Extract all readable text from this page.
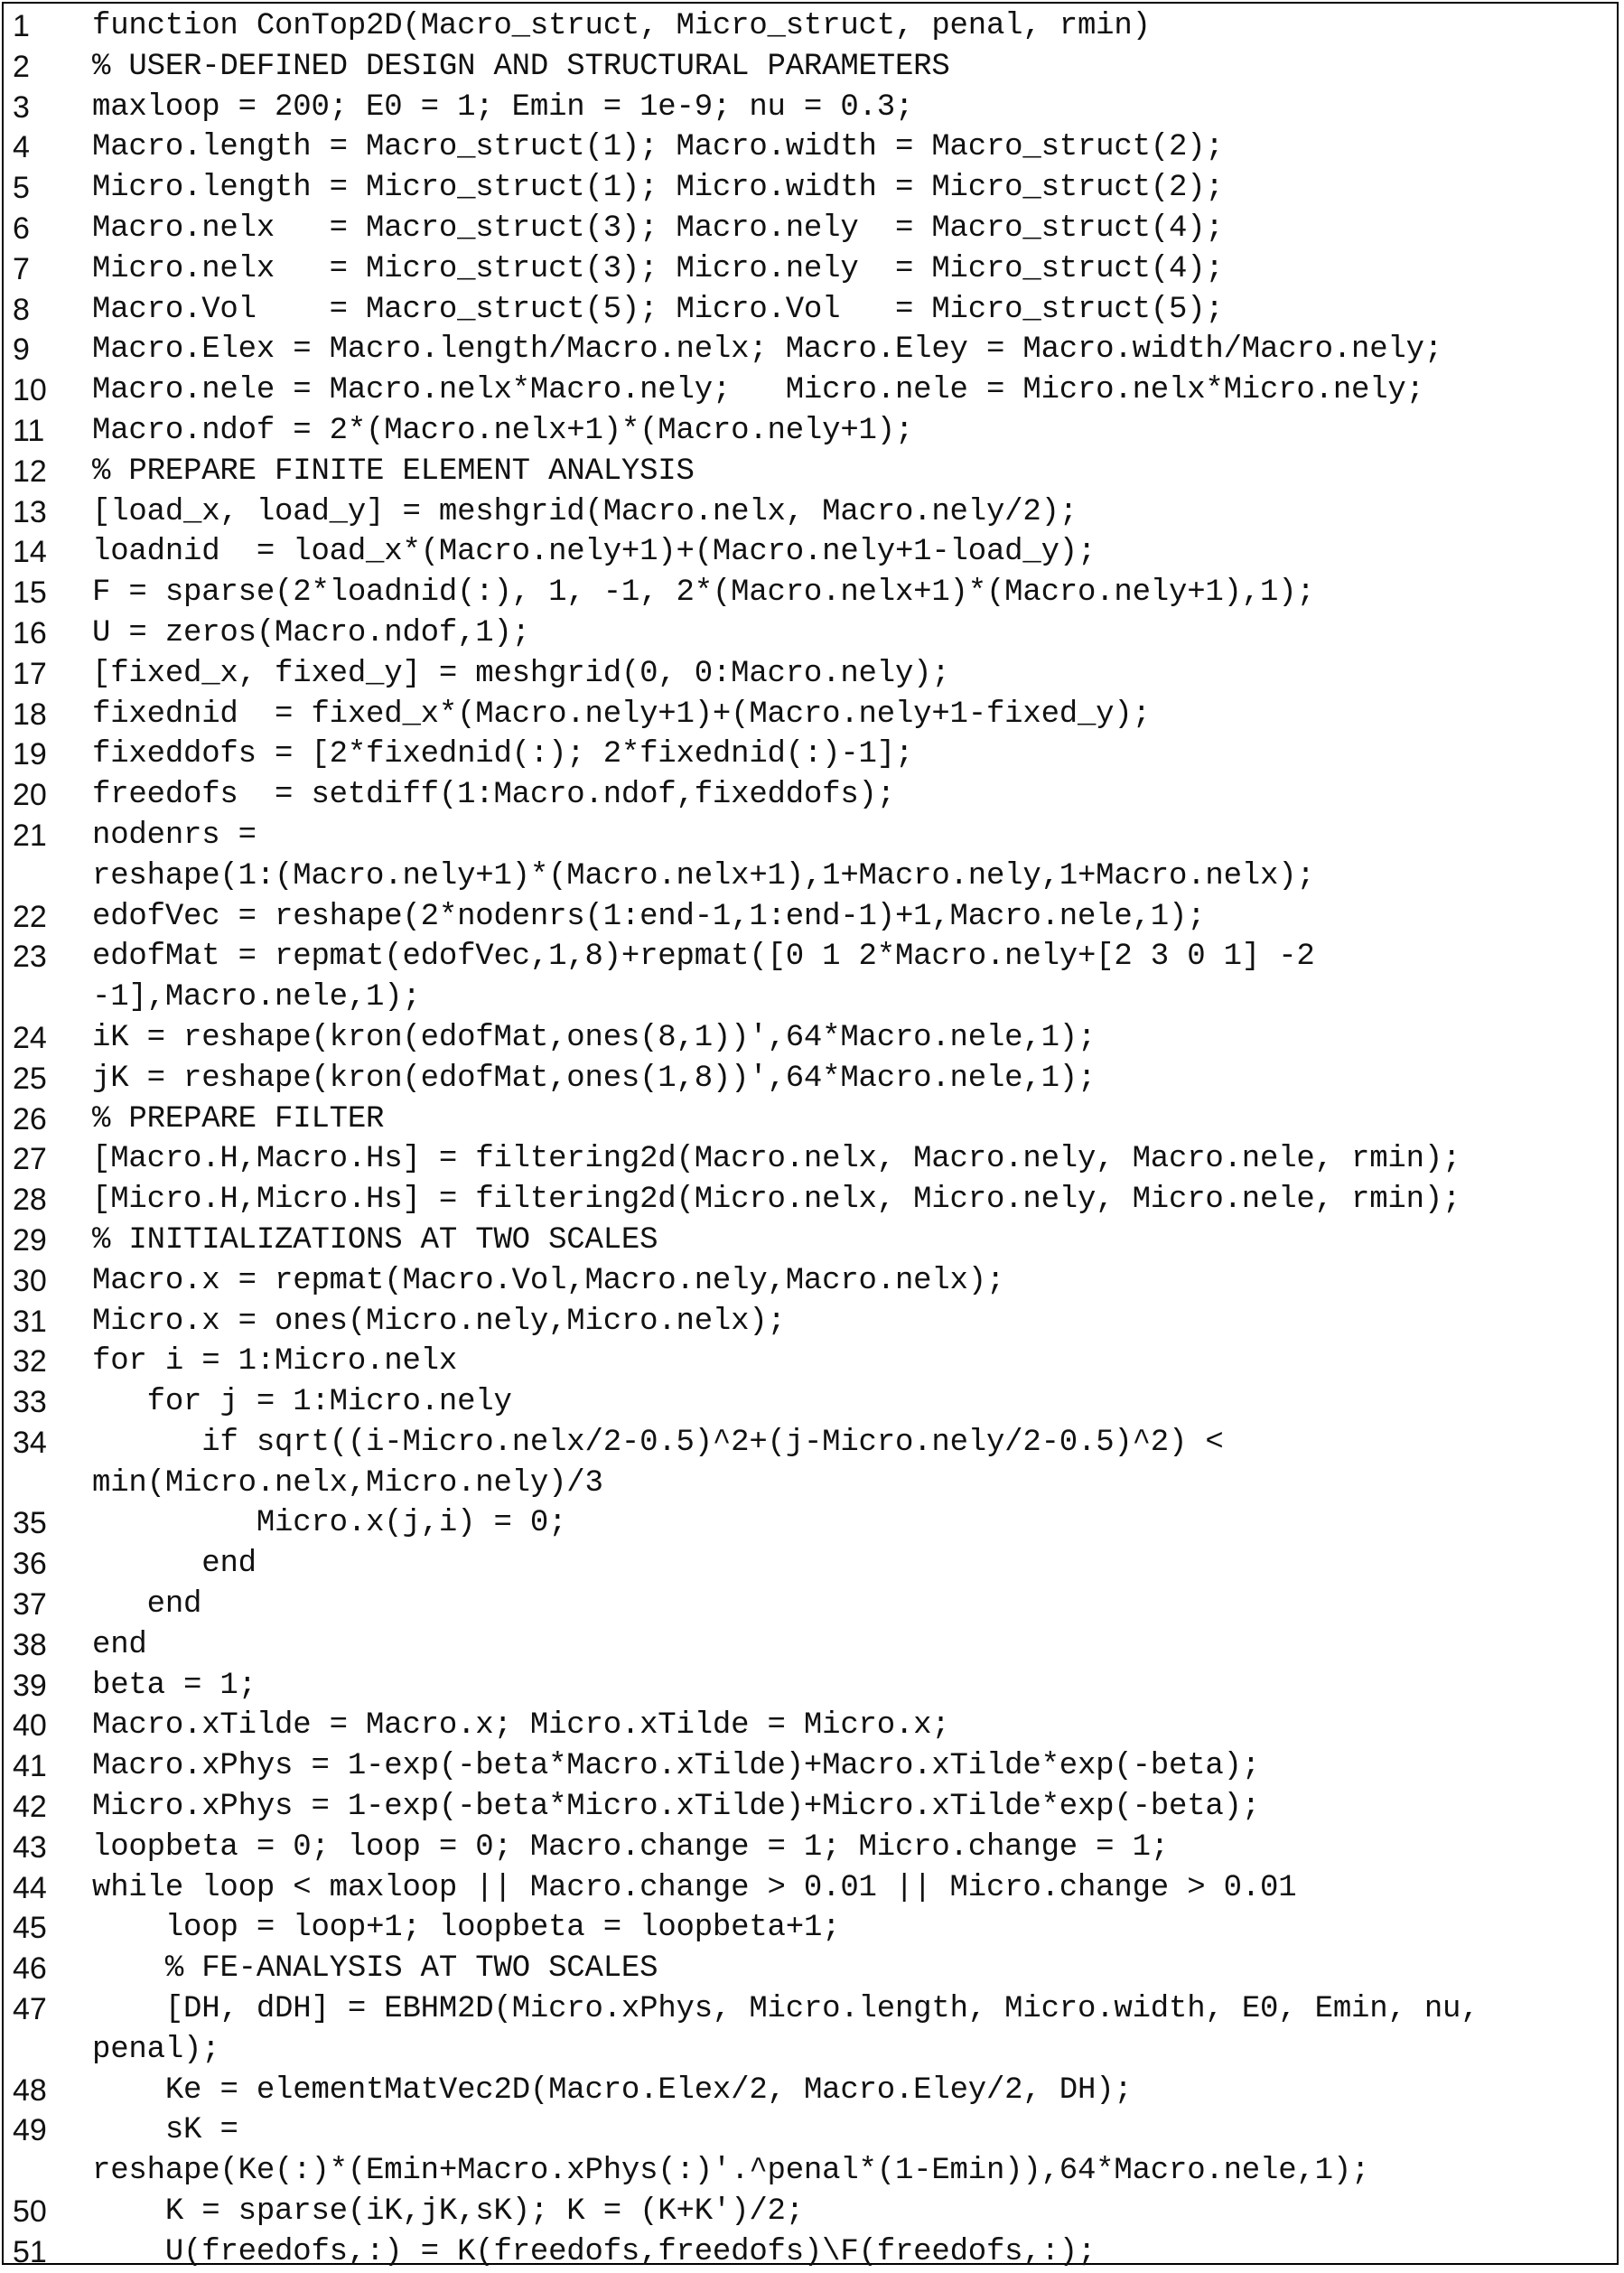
1	function ConTop2D(Macro_struct, Micro_struct, penal, rmin)
2	% USER-DEFINED DESIGN AND STRUCTURAL PARAMETERS
3	maxloop = 200; E0 = 1; Emin = 1e-9; nu = 0.3;
4	Macro.length = Macro_struct(1); Macro.width = Macro_struct(2);
5	Micro.length = Micro_struct(1); Micro.width = Micro_struct(2);
6	Macro.nelx   = Macro_struct(3); Macro.nely  = Macro_struct(4);
7	Micro.nelx   = Micro_struct(3); Micro.nely  = Micro_struct(4);
8	Macro.Vol    = Macro_struct(5); Micro.Vol   = Micro_struct(5);
9	Macro.Elex = Macro.length/Macro.nelx; Macro.Eley = Macro.width/Macro.nely;
10	Macro.nele = Macro.nelx*Macro.nely;   Micro.nele = Micro.nelx*Micro.nely;
11	Macro.ndof = 2*(Macro.nelx+1)*(Macro.nely+1);
12	% PREPARE FINITE ELEMENT ANALYSIS
13	[load_x, load_y] = meshgrid(Macro.nelx, Macro.nely/2);
14	loadnid  = load_x*(Macro.nely+1)+(Macro.nely+1-load_y);
15	F = sparse(2*loadnid(:), 1, -1, 2*(Macro.nelx+1)*(Macro.nely+1),1);
16	U = zeros(Macro.ndof,1);
17	[fixed_x, fixed_y] = meshgrid(0, 0:Macro.nely);
18	fixednid  = fixed_x*(Macro.nely+1)+(Macro.nely+1-fixed_y);
19	fixeddofs = [2*fixednid(:); 2*fixednid(:)-1];
20	freedofs  = setdiff(1:Macro.ndof,fixeddofs);
21	nodenrs =
reshape(1:(Macro.nely+1)*(Macro.nelx+1),1+Macro.nely,1+Macro.nelx);
22	edofVec = reshape(2*nodenrs(1:end-1,1:end-1)+1,Macro.nele,1);
23	edofMat = repmat(edofVec,1,8)+repmat([0 1 2*Macro.nely+[2 3 0 1] -2
-1],Macro.nele,1);
24	iK = reshape(kron(edofMat,ones(8,1))',64*Macro.nele,1);
25	jK = reshape(kron(edofMat,ones(1,8))',64*Macro.nele,1);
26	% PREPARE FILTER
27	[Macro.H,Macro.Hs] = filtering2d(Macro.nelx, Macro.nely, Macro.nele, rmin);
28	[Micro.H,Micro.Hs] = filtering2d(Micro.nelx, Micro.nely, Micro.nele, rmin);
29	% INITIALIZATIONS AT TWO SCALES
30	Macro.x = repmat(Macro.Vol,Macro.nely,Macro.nelx);
31	Micro.x = ones(Micro.nely,Micro.nelx);
32	for i = 1:Micro.nelx
33	for j = 1:Micro.nely
34	if sqrt((i-Micro.nelx/2-0.5)^2+(j-Micro.nely/2-0.5)^2) <
min(Micro.nelx,Micro.nely)/3
35	Micro.x(j,i) = 0;
36	end
37	end
38	end
39	beta = 1;
40	Macro.xTilde = Macro.x; Micro.xTilde = Micro.x;
41	Macro.xPhys = 1-exp(-beta*Macro.xTilde)+Macro.xTilde*exp(-beta);
42	Micro.xPhys = 1-exp(-beta*Micro.xTilde)+Micro.xTilde*exp(-beta);
43	loopbeta = 0; loop = 0; Macro.change = 1; Micro.change = 1;
44	while loop < maxloop || Macro.change > 0.01 || Micro.change > 0.01
45	loop = loop+1; loopbeta = loopbeta+1;
46	% FE-ANALYSIS AT TWO SCALES
47	[DH, dDH] = EBHM2D(Micro.xPhys, Micro.length, Micro.width, E0, Emin, nu,
penal);
48	Ke = elementMatVec2D(Macro.Elex/2, Macro.Eley/2, DH);
49	sK =
reshape(Ke(:)*(Emin+Macro.xPhys(:)'.^penal*(1-Emin)),64*Macro.nele,1);
50	K = sparse(iK,jK,sK); K = (K+K')/2;
51	U(freedofs,:) = K(freedofs,freedofs)\F(freedofs,:);
